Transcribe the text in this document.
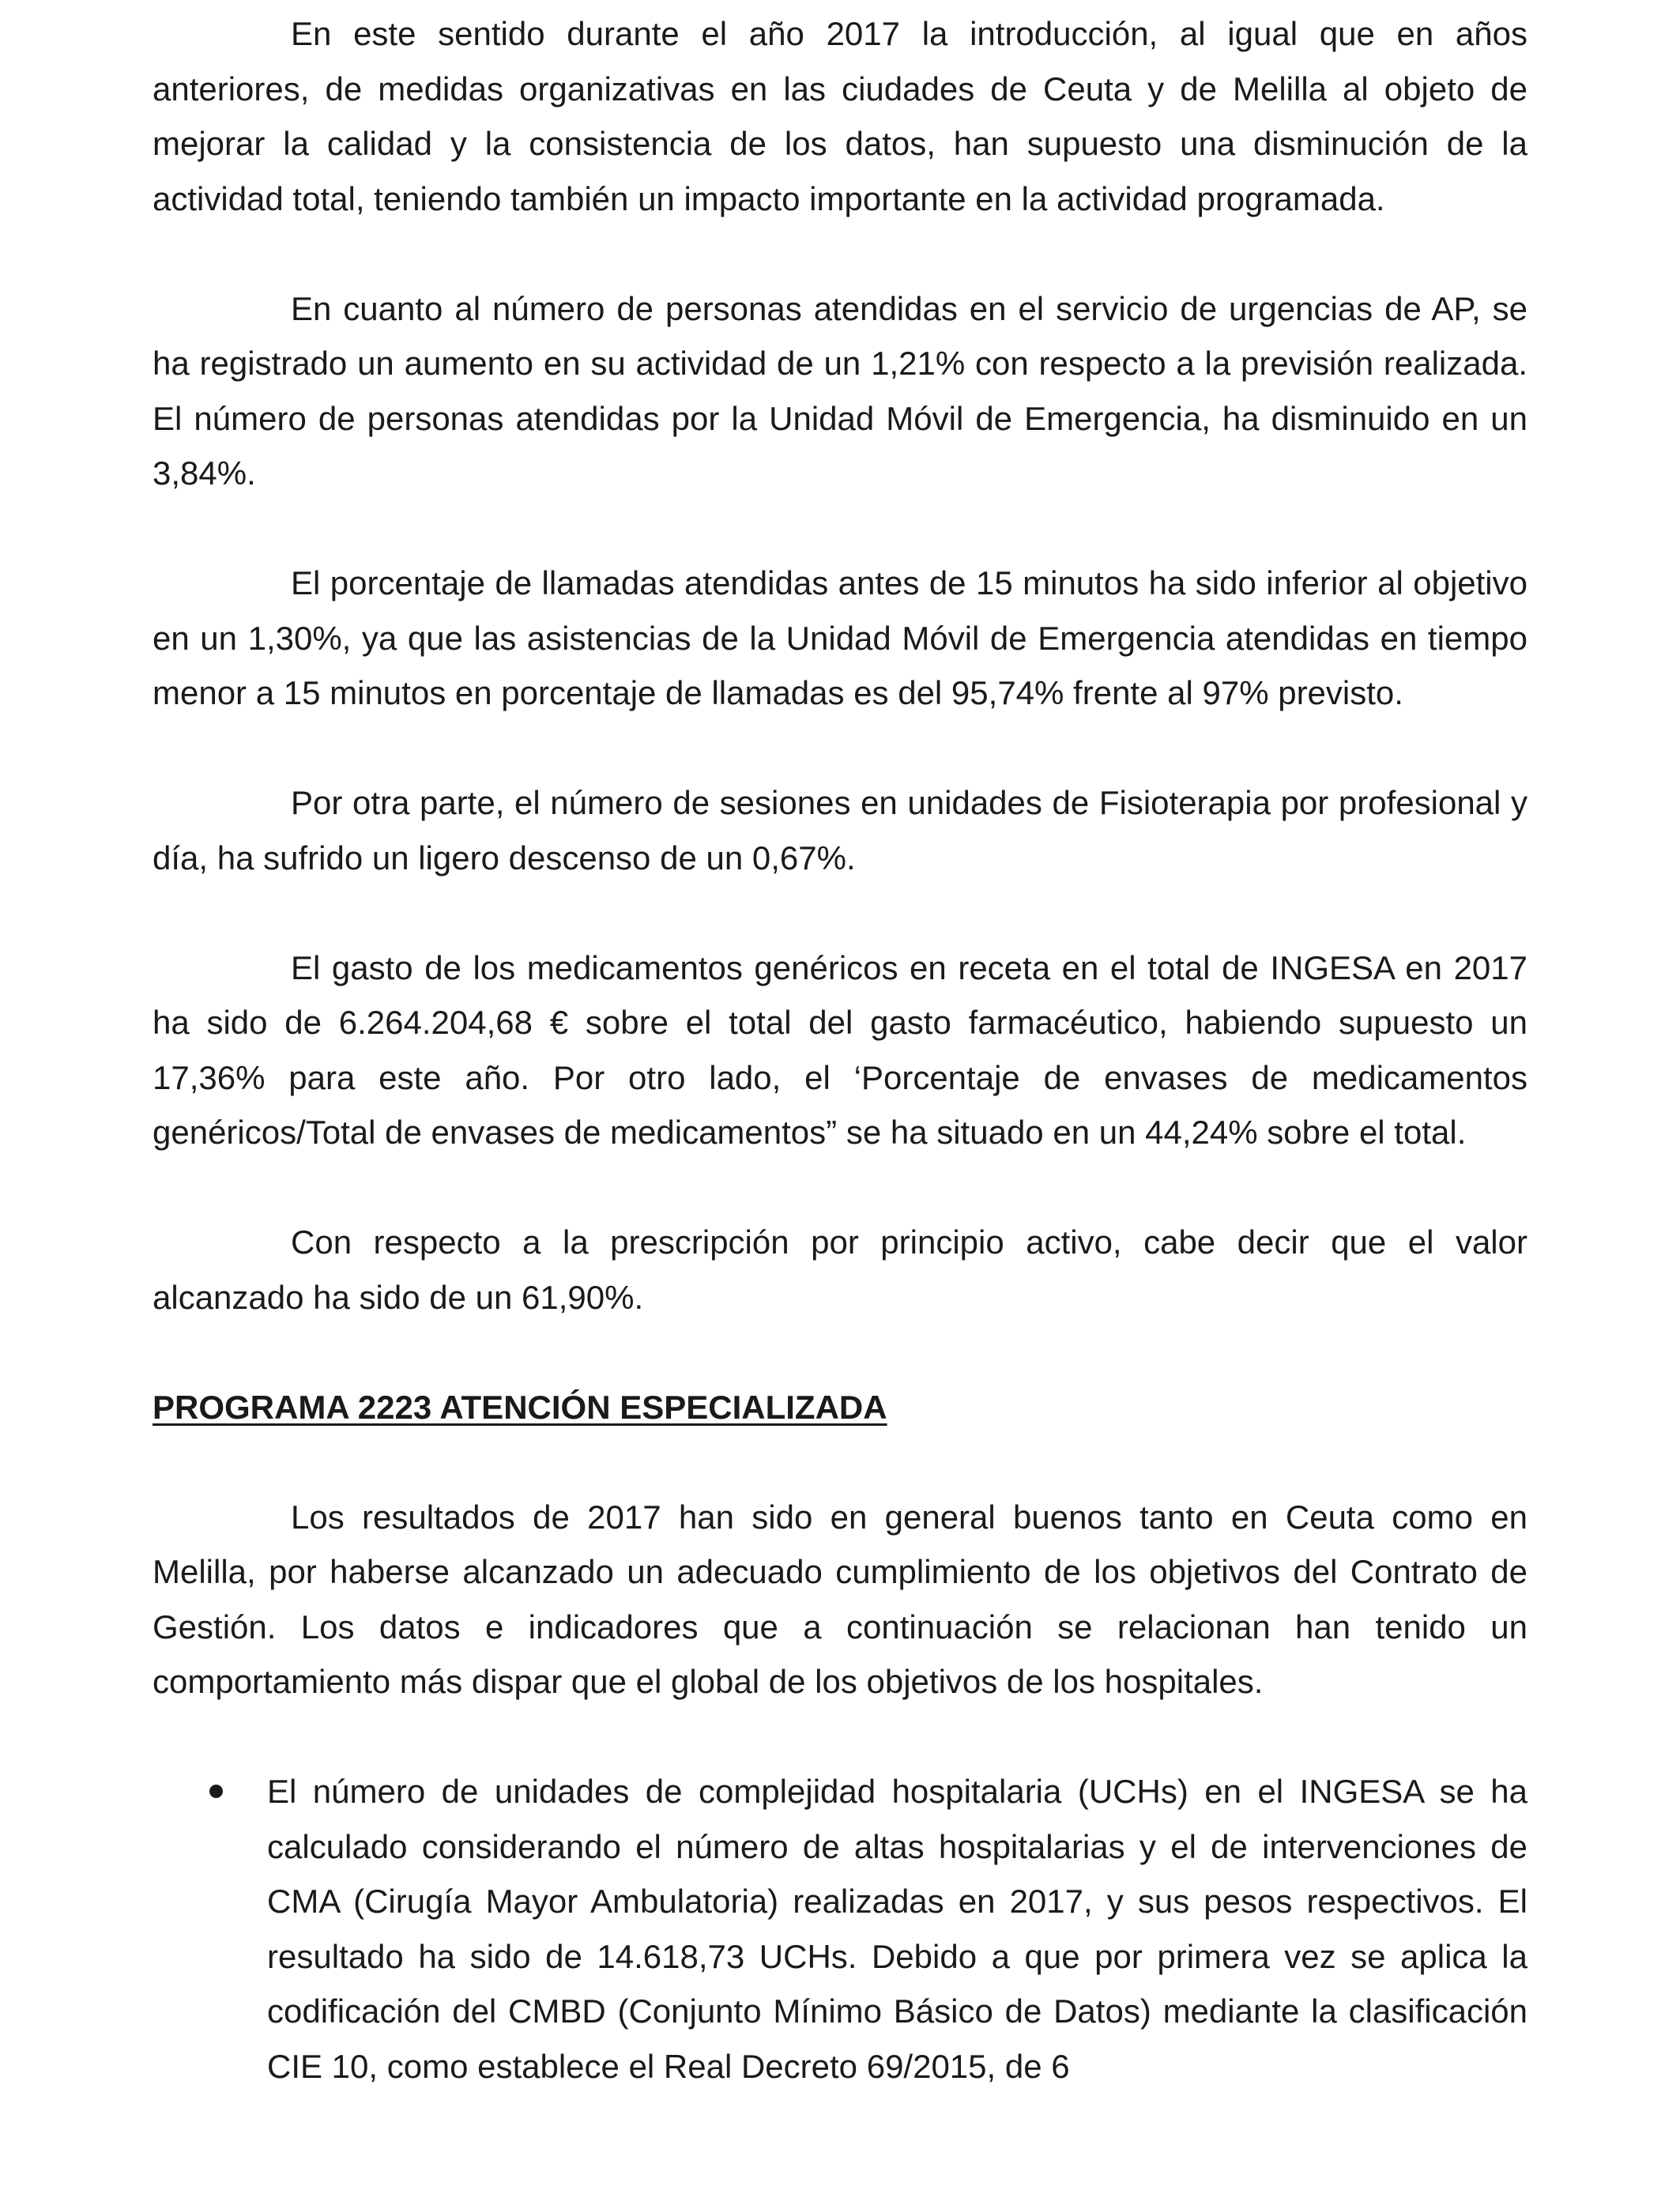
En este sentido durante el año 2017 la introducción, al igual que en años anteriores, de medidas organizativas en las ciudades de Ceuta y de Melilla al objeto de mejorar la calidad y la consistencia de los datos, han supuesto una disminución de la actividad total, teniendo también un impacto importante en la actividad programada.

En cuanto al número de personas atendidas en el servicio de urgencias de AP, se ha registrado un aumento en su actividad de un 1,21% con respecto a la previsión realizada. El número de personas atendidas por la Unidad Móvil de Emergencia, ha disminuido en un 3,84%.

El porcentaje de llamadas atendidas antes de 15 minutos ha sido inferior al objetivo en un 1,30%, ya que las asistencias de la Unidad Móvil de Emergencia atendidas en tiempo menor a 15 minutos en porcentaje de llamadas es del 95,74% frente al 97% previsto.

Por otra parte, el número de sesiones en unidades de Fisioterapia por profesional y día, ha sufrido un ligero descenso de un 0,67%.

El gasto de los medicamentos genéricos en receta en el total de INGESA en 2017 ha sido de 6.264.204,68 € sobre el total del gasto farmacéutico, habiendo supuesto un 17,36% para este año. Por otro lado, el ‘Porcentaje de envases de medicamentos genéricos/Total de envases de medicamentos” se ha situado en un 44,24% sobre el total.

Con respecto a la prescripción por principio activo, cabe decir que el valor alcanzado ha sido de un 61,90%.

PROGRAMA 2223 ATENCIÓN ESPECIALIZADA

Los resultados de 2017 han sido en general buenos tanto en Ceuta como en Melilla, por haberse alcanzado un adecuado cumplimiento de los objetivos del Contrato de Gestión. Los datos e indicadores que a continuación se relacionan han tenido un comportamiento más dispar que el global de los objetivos de los hospitales.

El número de unidades de complejidad hospitalaria (UCHs) en el INGESA se ha calculado considerando el número de altas hospitalarias y el de intervenciones de CMA (Cirugía Mayor Ambulatoria) realizadas en 2017, y sus pesos respectivos. El resultado ha sido de 14.618,73 UCHs. Debido a que por primera vez se aplica la codificación del CMBD (Conjunto Mínimo Básico de Datos) mediante la clasificación CIE 10, como establece el Real Decreto 69/2015, de 6
